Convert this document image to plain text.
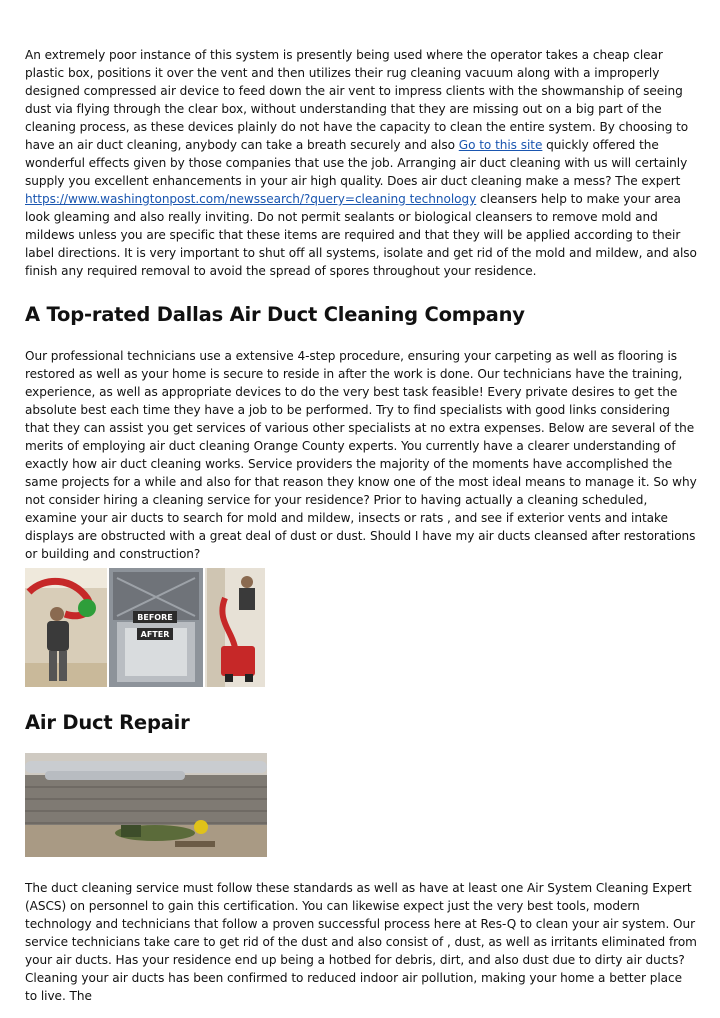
An extremely poor instance of this system is presently being used where the operator takes a cheap clear plastic box, positions it over the vent and then utilizes their rug cleaning vacuum along with a improperly designed compressed air device to feed down the air vent to impress clients with the showmanship of seeing dust via flying through the clear box, without understanding that they are missing out on a big part of the cleaning process, as these devices plainly do not have the capacity to clean the entire system. By choosing to have an air duct cleaning, anybody can take a breath securely and also Go to this site quickly offered the wonderful effects given by those companies that use the job. Arranging air duct cleaning with us will certainly supply you excellent enhancements in your air high quality. Does air duct cleaning make a mess? The expert https://www.washingtonpost.com/newssearch/?query=cleaning technology cleansers help to make your area look gleaming and also really inviting. Do not permit sealants or biological cleansers to remove mold and mildews unless you are specific that these items are required and that they will be applied according to their label directions. It is very important to shut off all systems, isolate and get rid of the mold and mildew, and also finish any required removal to avoid the spread of spores throughout your residence.

A Top-rated Dallas Air Duct Cleaning Company

Our professional technicians use a extensive 4-step procedure, ensuring your carpeting as well as flooring is restored as well as your home is secure to reside in after the work is done. Our technicians have the training, experience, as well as appropriate devices to do the very best task feasible! Every private desires to get the absolute best each time they have a job to be performed. Try to find specialists with good links considering that they can assist you get services of various other specialists at no extra expenses. Below are several of the merits of employing air duct cleaning Orange County experts. You currently have a clearer understanding of exactly how air duct cleaning works. Service providers the majority of the moments have accomplished the same projects for a while and also for that reason they know one of the most ideal means to manage it. So why not consider hiring a cleaning service for your residence? Prior to having actually a cleaning scheduled, examine your air ducts to search for mold and mildew, insects or rats , and see if exterior vents and intake displays are obstructed with a great deal of dust or dust. Should I have my air ducts cleansed after restorations or building and construction?

BEFORE
AFTER
Air Duct Repair

The duct cleaning service must follow these standards as well as have at least one Air System Cleaning Expert (ASCS) on personnel to gain this certification. You can likewise expect just the very best tools, modern technology and technicians that follow a proven successful process here at Res-Q to clean your air system. Our service technicians take care to get rid of the dust and also consist of , dust, as well as irritants eliminated from your air ducts. Has your residence end up being a hotbed for debris, dirt, and also dust due to dirty air ducts? Cleaning your air ducts has been confirmed to reduced indoor air pollution, making your home a better place to live. The
